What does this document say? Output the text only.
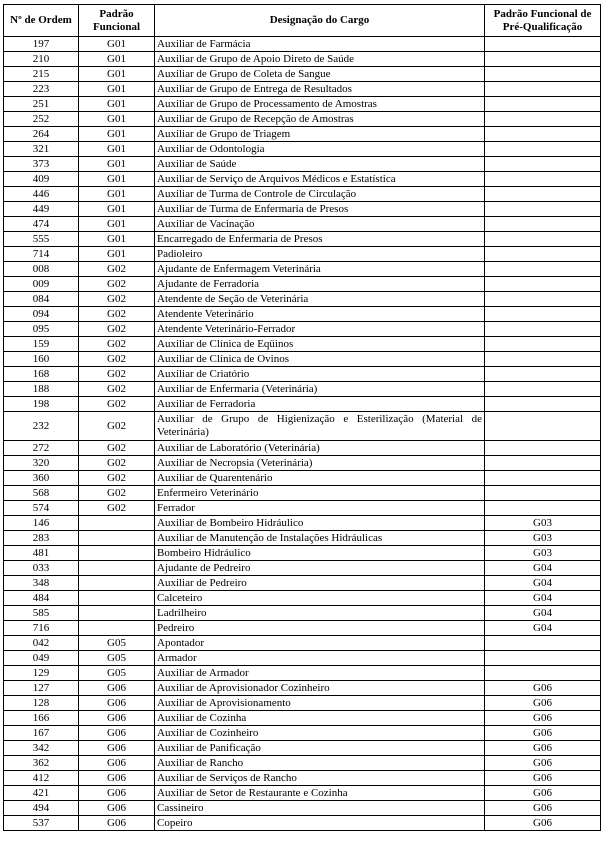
Nº de Ordem	Padrão Funcional	Designação do Cargo	Padrão Funcional de Pré-Qualificação
197	G01	Auxiliar de Farmácia	
210	G01	Auxiliar de Grupo de Apoio Direto de Saúde	
215	G01	Auxiliar de Grupo de Coleta de Sangue	
223	G01	Auxiliar de Grupo de Entrega de Resultados	
251	G01	Auxiliar de Grupo de Processamento de Amostras	
252	G01	Auxiliar de Grupo de Recepção de Amostras	
264	G01	Auxiliar de Grupo de Triagem	
321	G01	Auxiliar de Odontologia	
373	G01	Auxiliar de Saúde	
409	G01	Auxiliar de Serviço de Arquivos Médicos e Estatística	
446	G01	Auxiliar de Turma de Controle de Circulação	
449	G01	Auxiliar de Turma de Enfermaria de Presos	
474	G01	Auxiliar de Vacinação	
555	G01	Encarregado de Enfermaria de Presos	
714	G01	Padioleiro	
008	G02	Ajudante de Enfermagem Veterinária	
009	G02	Ajudante de Ferradoria	
084	G02	Atendente de Seção de Veterinária	
094	G02	Atendente Veterinário	
095	G02	Atendente Veterinário-Ferrador	
159	G02	Auxiliar de Clínica de Eqüinos	
160	G02	Auxiliar de Clínica de Ovinos	
168	G02	Auxiliar de Criatório	
188	G02	Auxiliar de Enfermaria (Veterinária)	
198	G02	Auxiliar de Ferradoria	
232	G02	Auxiliar de Grupo de Higienização e Esterilização (Material de Veterinária)	
272	G02	Auxiliar de Laboratório (Veterinária)	
320	G02	Auxiliar de Necropsia (Veterinária)	
360	G02	Auxiliar de Quarentenário	
568	G02	Enfermeiro Veterinário	
574	G02	Ferrador	
146		Auxiliar de Bombeiro Hidráulico	G03
283		Auxiliar de Manutenção de Instalações Hidráulicas	G03
481		Bombeiro Hidráulico	G03
033		Ajudante de Pedreiro	G04
348		Auxiliar de Pedreiro	G04
484		Calceteiro	G04
585		Ladrilheiro	G04
716		Pedreiro	G04
042	G05	Apontador	
049	G05	Armador	
129	G05	Auxiliar de Armador	
127	G06	Auxiliar de Aprovisionador Cozinheiro	G06
128	G06	Auxiliar de Aprovisionamento	G06
166	G06	Auxiliar de Cozinha	G06
167	G06	Auxiliar de Cozinheiro	G06
342	G06	Auxiliar de Panificação	G06
362	G06	Auxiliar de Rancho	G06
412	G06	Auxiliar de Serviços de Rancho	G06
421	G06	Auxiliar de Setor de Restaurante e Cozinha	G06
494	G06	Cassineiro	G06
537	G06	Copeiro	G06
